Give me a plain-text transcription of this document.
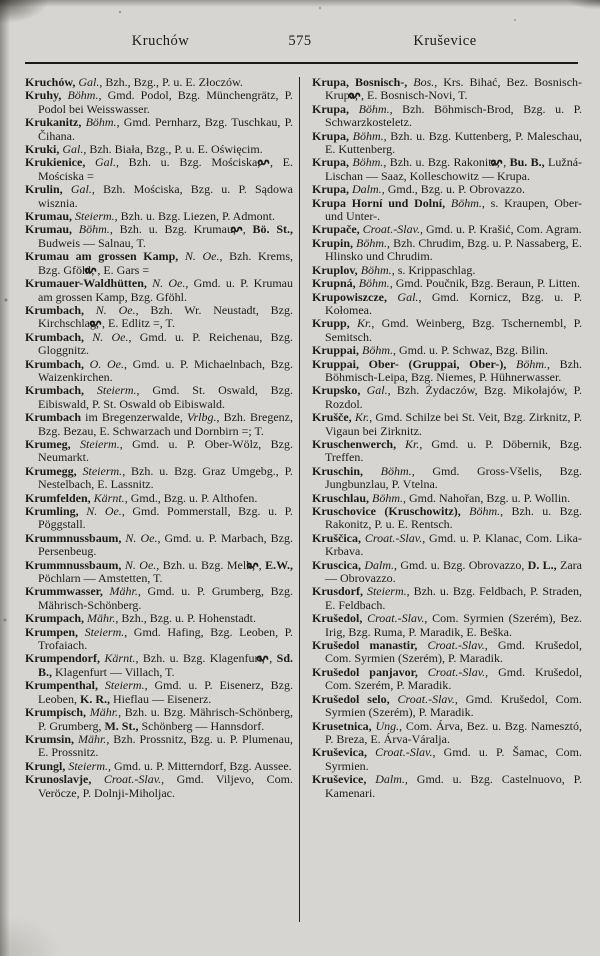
Kruchów	575	Kruševice

Kruchów, Gal., Bzh., Bzg., P. u. E. Złoczów.

Kruhy, Böhm., Gmd. Podol, Bzg. Münchengrätz, P. Podol bei Weisswasser.

Krukanitz, Böhm., Gmd. Pernharz, Bzg. Tuschkau, P. Čihana.

Kruki, Gal., Bzh. Biała, Bzg., P. u. E. Oświęcim.

Krukienice, Gal., Bzh. u. Bzg. Mościska, , E. Mościska =

Krulin, Gal., Bzh. Mościska, Bzg. u. P. Sądowa wisznia.

Krumau, Steierm., Bzh. u. Bzg. Liezen, P. Admont.

Krumau, Böhm., Bzh. u. Bzg. Krumau, , Bö. St., Budweis — Salnau, T.

Krumau am grossen Kamp, N. Oe., Bzh. Krems, Bzg. Gföhl, , E. Gars =

Krumauer-Waldhütten, N. Oe., Gmd. u. P. Krumau am grossen Kamp, Bzg. Gföhl.

Krumbach, N. Oe., Bzh. Wr. Neustadt, Bzg. Kirchschlag, , E. Edlitz =, T.

Krumbach, N. Oe., Gmd. u. P. Reichenau, Bzg. Gloggnitz.

Krumbach, O. Oe., Gmd. u. P. Michaelnbach, Bzg. Waizenkirchen.

Krumbach, Steierm., Gmd. St. Oswald, Bzg. Eibiswald, P. St. Oswald ob Eibiswald.

Krumbach im Bregenzerwalde, Vrlbg., Bzh. Bregenz, Bzg. Bezau, E. Schwarzach und Dornbirn =; T.

Krumeg, Steierm., Gmd. u. P. Ober-Wölz, Bzg. Neumarkt.

Krumegg, Steierm., Bzh. u. Bzg. Graz Umgebg., P. Nestelbach, E. Lassnitz.

Krumfelden, Kärnt., Gmd., Bzg. u. P. Althofen.

Krumling, N. Oe., Gmd. Pommerstall, Bzg. u. P. Pöggstall.

Krummnussbaum, N. Oe., Gmd. u. P. Marbach, Bzg. Persenbeug.

Krummnussbaum, N. Oe., Bzh. u. Bzg. Melk, , E.W., Pöchlarn — Amstetten, T.

Krummwasser, Mähr., Gmd. u. P. Grumberg, Bzg. Mährisch-Schönberg.

Krumpach, Mähr., Bzh., Bzg. u. P. Hohenstadt.

Krumpen, Steierm., Gmd. Hafing, Bzg. Leoben, P. Trofaiach.

Krumpendorf, Kärnt., Bzh. u. Bzg. Klagenfurt, , Sd. B., Klagenfurt — Villach, T.

Krumpenthal, Steierm., Gmd. u. P. Eisenerz, Bzg. Leoben, K. R., Hieflau — Eisenerz.

Krumpisch, Mähr., Bzh. u. Bzg. Mährisch-Schönberg, P. Grumberg, M. St., Schönberg — Hannsdorf.

Krumsin, Mähr., Bzh. Prossnitz, Bzg. u. P. Plumenau, E. Prossnitz.

Krungl, Steierm., Gmd. u. P. Mitterndorf, Bzg. Aussee.

Krunoslavje, Croat.-Slav., Gmd. Viljevo, Com. Veröcze, P. Dolnji-Miholjac.

Krupa, Bosnisch-, Bos., Krs. Bihać, Bez. Bosnisch-Krupa, , E. Bosnisch-Novi, T.

Krupa, Böhm., Bzh. Böhmisch-Brod, Bzg. u. P. Schwarzkosteletz.

Krupa, Böhm., Bzh. u. Bzg. Kuttenberg, P. Maleschau, E. Kuttenberg.

Krupa, Böhm., Bzh. u. Bzg. Rakonitz, , Bu. B., Lužná-Lischan — Saaz, Kolleschowitz — Krupa.

Krupa, Dalm., Gmd., Bzg. u. P. Obrovazzo.

Krupa Horní und Dolní, Böhm., s. Kraupen, Ober- und Unter-.

Krupače, Croat.-Slav., Gmd. u. P. Krašić, Com. Agram.

Krupin, Böhm., Bzh. Chrudim, Bzg. u. P. Nassaberg, E. Hlinsko und Chrudim.

Kruplov, Böhm., s. Krippaschlag.

Krupná, Böhm., Gmd. Poučnik, Bzg. Beraun, P. Litten.

Krupowiszcze, Gal., Gmd. Kornicz, Bzg. u. P. Kołomea.

Krupp, Kr., Gmd. Weinberg, Bzg. Tschernembl, P. Semitsch.

Kruppai, Böhm., Gmd. u. P. Schwaz, Bzg. Bilin.

Kruppai, Ober- (Gruppai, Ober-), Böhm., Bzh. Böhmisch-Leipa, Bzg. Niemes, P. Hühnerwasser.

Krupsko, Gal., Bzh. Żydaczów, Bzg. Mikołajów, P. Rozdol.

Krušče, Kr., Gmd. Schilze bei St. Veit, Bzg. Zirknitz, P. Vigaun bei Zirknitz.

Kruschenwerch, Kr., Gmd. u. P. Döbernik, Bzg. Treffen.

Kruschin, Böhm., Gmd. Gross-Všelis, Bzg. Jungbunzlau, P. Vtelna.

Kruschlau, Böhm., Gmd. Nahořan, Bzg. u. P. Wollin.

Kruschovice (Kruschowitz), Böhm., Bzh. u. Bzg. Rakonitz, P. u. E. Rentsch.

Kruščica, Croat.-Slav., Gmd. u. P. Klanac, Com. Lika-Krbava.

Kruscica, Dalm., Gmd. u. Bzg. Obrovazzo, D. L., Zara — Obrovazzo.

Krusdorf, Steierm., Bzh. u. Bzg. Feldbach, P. Straden, E. Feldbach.

Krušedol, Croat.-Slav., Com. Syrmien (Szerém), Bez. Irig, Bzg. Ruma, P. Maradik, E. Beška.

Krušedol manastir, Croat.-Slav., Gmd. Krušedol, Com. Syrmien (Szerém), P. Maradik.

Krušedol panjavor, Croat.-Slav., Gmd. Krušedol, Com. Szerém, P. Maradik.

Krušedol selo, Croat.-Slav., Gmd. Krušedol, Com. Syrmien (Szerém), P. Maradik.

Krusetnica, Ung., Com. Árva, Bez. u. Bzg. Namesztó, P. Breza, E. Árva-Váralja.

Kruševica, Croat.-Slav., Gmd. u. P. Šamac, Com. Syrmien.

Kruševice, Dalm., Gmd. u. Bzg. Castelnuovo, P. Kamenari.
